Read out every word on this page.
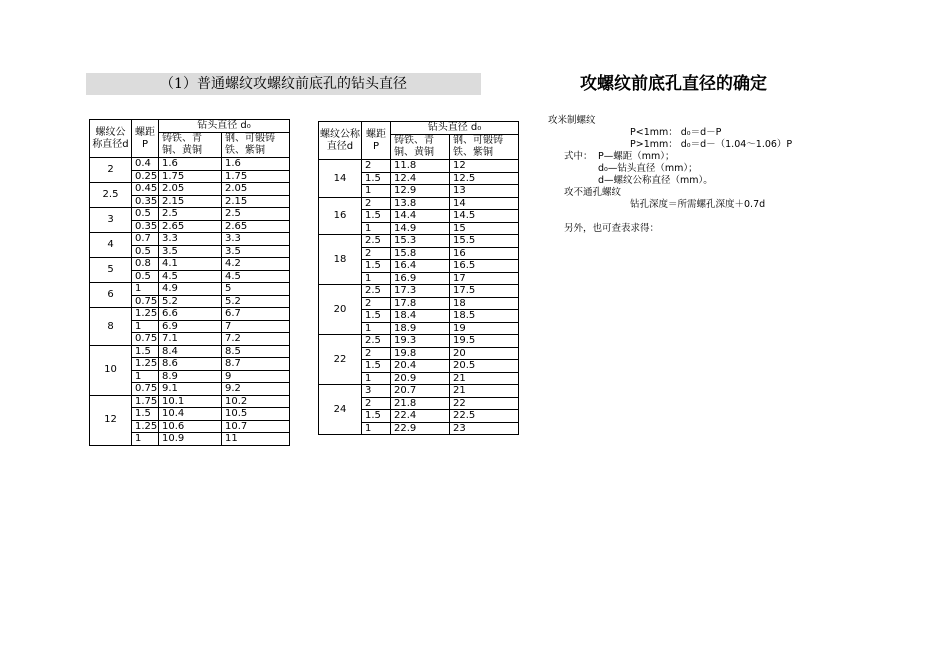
（1）普通螺纹攻螺纹前底孔的钻头直径	攻螺纹前底孔直径的确定
螺纹公称直径d	螺距P	钻头直径 d₀	
		铸铁、青铜、黄铜	钢、可锻铸铁、紫铜
2	0.4	1.6	1.6
	0.25	1.75	1.75
2.5	0.45	2.05	2.05
	0.35	2.15	2.15
3	0.5	2.5	2.5
	0.35	2.65	2.65
4	0.7	3.3	3.3
	0.5	3.5	3.5
5	0.8	4.1	4.2
	0.5	4.5	4.5
6	1	4.9	5
	0.75	5.2	5.2
8	1.25	6.6	6.7
	1	6.9	7
	0.75	7.1	7.2
10	1.5	8.4	8.5
	1.25	8.6	8.7
	1	8.9	9
	0.75	9.1	9.2
12	1.75	10.1	10.2
	1.5	10.4	10.5
	1.25	10.6	10.7
	1	10.9	11
螺纹公称直径d	螺距P	钻头直径 d₀	
		铸铁、青铜、黄铜	钢、可锻铸铁、紫铜
14	2	11.8	12
	1.5	12.4	12.5
	1	12.9	13
16	2	13.8	14
	1.5	14.4	14.5
	1	14.9	15
18	2.5	15.3	15.5
	2	15.8	16
	1.5	16.4	16.5
	1	16.9	17
20	2.5	17.3	17.5
	2	17.8	18
	1.5	18.4	18.5
	1	18.9	19
22	2.5	19.3	19.5
	2	19.8	20
	1.5	20.4	20.5
	1	20.9	21
24	3	20.7	21
	2	21.8	22
	1.5	22.4	22.5
	1	22.9	23
攻米制螺纹
P<1mm： d₀＝d－P
P>1mm： d₀＝d－（1.04～1.06）P
式中： P—螺距（mm）；
d₀—钻头直径（mm）；
d—螺纹公称直径（mm）。
攻不通孔螺纹
钻孔深度＝所需螺孔深度＋0.7d
另外，也可查表求得：
